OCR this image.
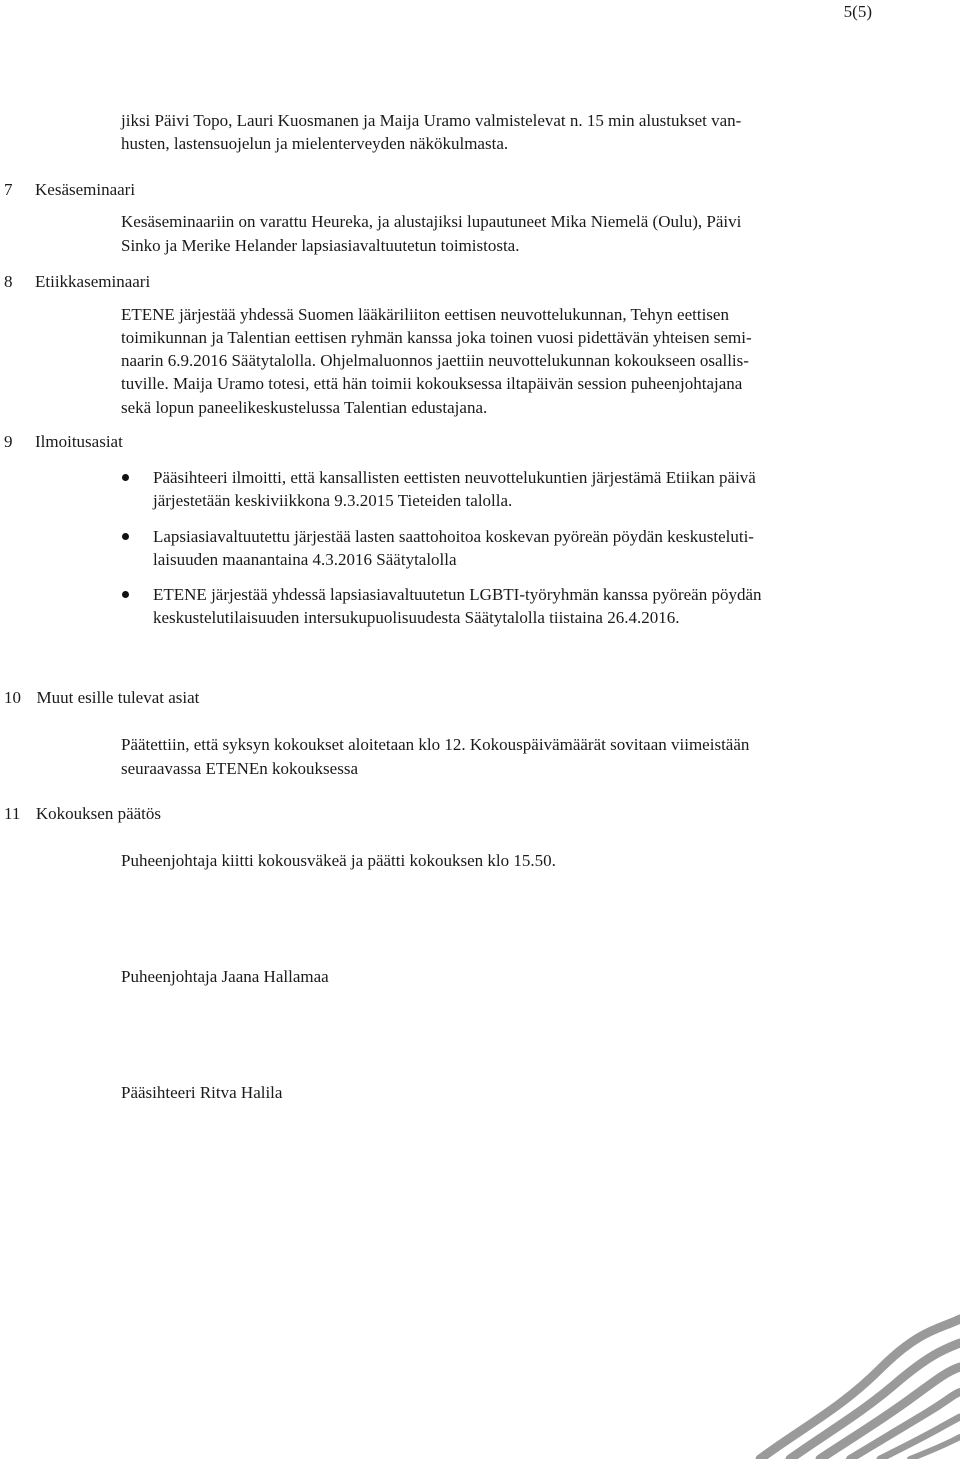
5(5)
jiksi Päivi Topo, Lauri Kuosmanen ja Maija Uramo valmistelevat n. 15 min alustukset van-
husten, lastensuojelun ja mielenterveyden näkökulmasta.
7 Kesäseminaari
Kesäseminaariin on varattu Heureka, ja alustajiksi lupautuneet Mika Niemelä (Oulu), Päivi
Sinko ja Merike Helander lapsiasiavaltuutetun toimistosta.
8 Etiikkaseminaari
ETENE järjestää yhdessä Suomen lääkäriliiton eettisen neuvottelukunnan, Tehyn eettisen
toimikunnan ja Talentian eettisen ryhmän kanssa joka toinen vuosi pidettävän yhteisen semi-
naarin 6.9.2016 Säätytalolla. Ohjelmaluonnos jaettiin neuvottelukunnan kokoukseen osallis-
tuville. Maija Uramo totesi, että hän toimii kokouksessa iltapäivän session puheenjohtajana
sekä lopun paneelikeskustelussa Talentian edustajana.
9 Ilmoitusasiat
Pääsihteeri ilmoitti, että kansallisten eettisten neuvottelukuntien järjestämä Etiikan päivä
järjestetään keskiviikkona 9.3.2015 Tieteiden talolla.
Lapsiasiavaltuutettu järjestää lasten saattohoitoa koskevan pyöreän pöydän keskusteluti-
laisuuden maanantaina 4.3.2016 Säätytalolla
ETENE järjestää yhdessä lapsiasiavaltuutetun LGBTI-työryhmän kanssa pyöreän pöydän
keskustelutilaisuuden intersukupuolisuudesta Säätytalolla tiistaina 26.4.2016.
10 Muut esille tulevat asiat
Päätettiin, että syksyn kokoukset aloitetaan klo 12. Kokouspäivämäärät sovitaan viimeistään
seuraavassa ETENEn kokouksessa
11 Kokouksen päätös
Puheenjohtaja kiitti kokousväkeä ja päätti kokouksen klo 15.50.
Puheenjohtaja Jaana Hallamaa
Pääsihteeri Ritva Halila
